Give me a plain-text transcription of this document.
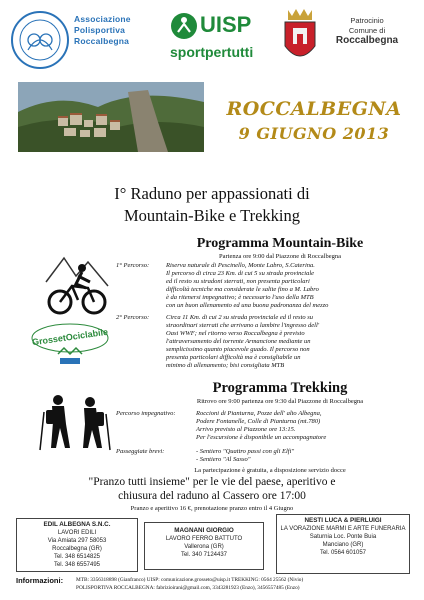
Associazione
Polisportiva
Roccalbegna
UISP
sportpertutti
Patrocinio
Comune di
Roccalbegna
ROCCALBEGNA
9 GIUGNO 2013
I° Raduno per appassionati di
Mountain-Bike e Trekking
Programma Mountain-Bike
Partenza ore 9:00 dal Piazzone di Roccalbegna
1° Percorso:	Riserva naturale di Pescinello, Monte Labro, S.Caterina.
Il percorso di circa 23 Km. di cui 5 su strada provinciale
ed il resto su stradoni sterrati, non presenta particolari
difficoltà tecniche ma considerate le salite fino a M. Labro
è da ritenersi impegnativo; è necessario l'uso della MTB
con un buon allenamento ed una buona padronanza del mezzo
2° Percorso:	Circa 11 Km. di cui 2 su strada provinciale ed il resto su
straordinari sterrati che arrivano a lambire l'ingresso dell'
Oasi WWF; nel ritorno verso Roccalbegna è previsto
l'attraversamento del torrente Armancione mediante un
semplicissimo quanto piacevole guado. Il percorso non
presenta particolari difficoltà ma è consigliabile un
minimo di allenamento; bisi consigliata MTB
GrossetOciclabile
Programma Trekking
Ritrovo ore 9:00 partenza ore 9:30 dal Piazzone di Roccalbegna
Percorso impegnativo:	Roccioni di Pianturna, Pozze dell' alto Albegna,
Podere Fontanelle, Colle di Pianturna (mt.780)
Arrivo previsto al Piazzone ore 13:15.
Per l'escursione è disponibile un accompagnatore
Passeggiate brevi:	- Sentiero "Quattro passi con gli Elfi"
- Sentiero "Al Sasso"
La partecipazione è gratuita, a disposizione servizio docce
"Pranzo tutti insieme" per le vie del paese, aperitivo e
chiusura del raduno al Cassero ore 17:00
Pranzo e aperitivo 16 €, prenotazione pranzo entro il 4 Giugno
EDIL ALBEGNA S.N.C.
LAVORI EDILI
Via Amiata 297 58053
Roccalbegna (GR)
Tel. 348 6514825
Tel. 348 6557495
MAGNANI GIORGIO
LAVORO FERRO BATTUTO
Vallerona (GR)
Tel. 340 7124437
NESTI LUCA & PIERLUIGI
LA VORAZIONE MARMI E ARTE FUNERARIA
Saturnia Loc. Ponte Buia
Manciano (GR)
Tel. 0564 601057
Informazioni: MTB: 3356318898 (Gianfranco) UISP: comunicazione.grosseto@uisp.it TREKKING: 0564 25562 (Nivio)
POLISPORTIVA ROCCALBEGNA: fabrizioirani@gmail.com, 3343281923 (Enzo), 3456557485 (Enzo)
